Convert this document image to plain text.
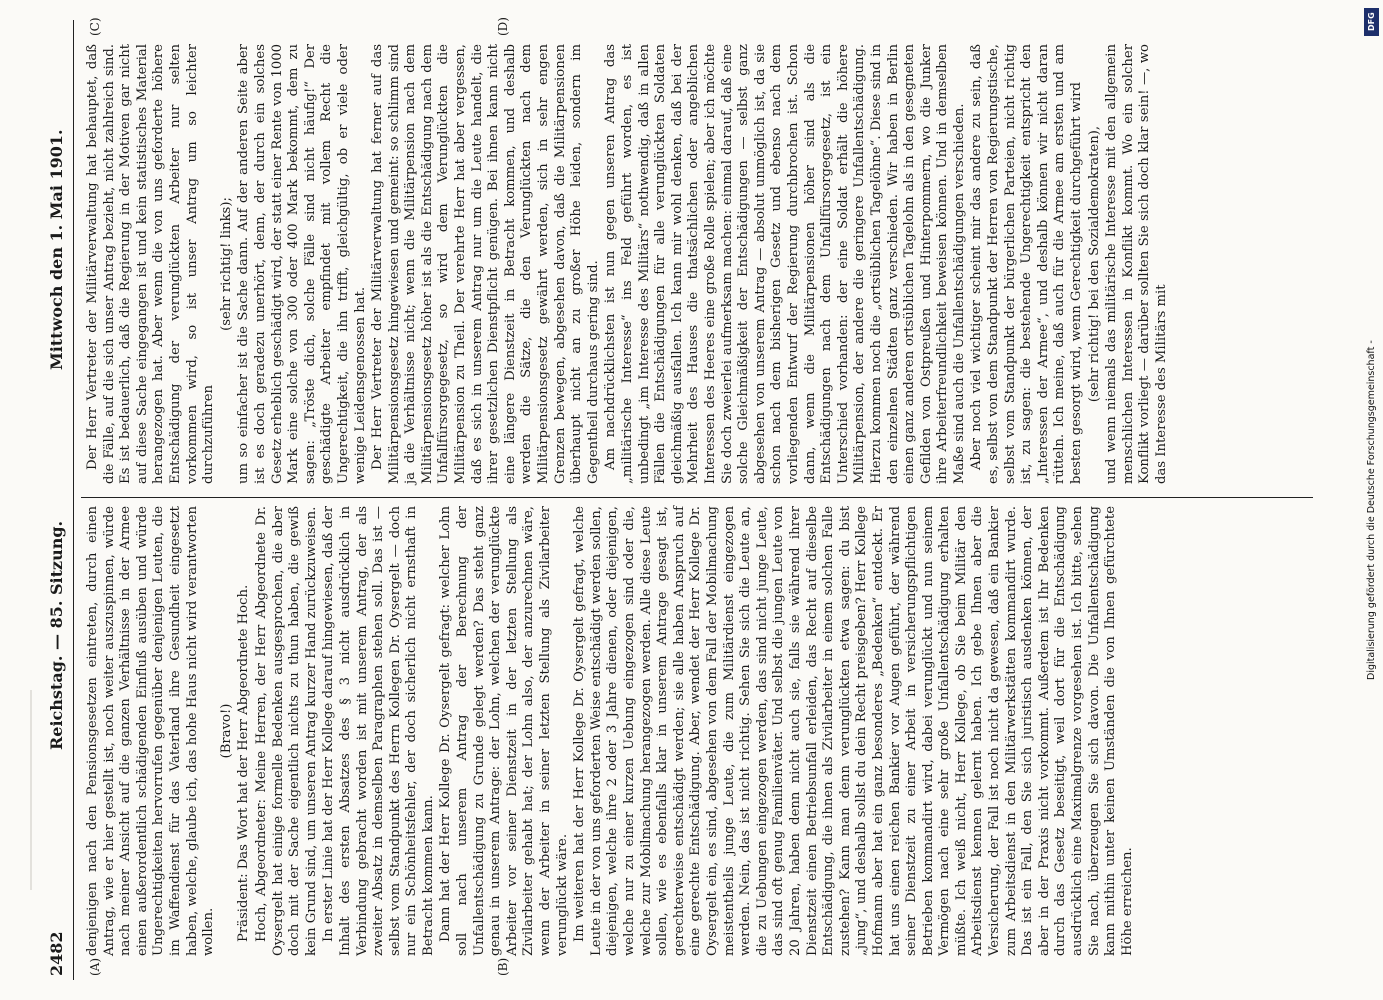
2482
Reichstag. — 85. Sitzung.
Mittwoch den 1. Mai 1901.
(A)	(B)
(C)	(D)

denjenigen nach den Pensionsgesetzen eintreten, durch einen Antrag, wie er hier gestellt ist, noch weiter auszuspinnen, würde nach meiner Ansicht auf die ganzen Verhältnisse in der Armee einen außerordentlich schädigenden Einfluß ausüben und würde Ungerechtigkeiten hervorrufen gegenüber denjenigen Leuten, die im Waffendienst für das Vaterland ihre Gesundheit eingesetzt haben, welche, glaube ich, das hohe Haus nicht wird verantworten wollen.

(Bravo!) Präsident: Das Wort hat der Herr Abgeordnete Hoch. Hoch, Abgeordneter: Meine Herren, der Herr Abgeordnete Dr. Oysergelt hat einige formelle Bedenken ausgesprochen, die aber doch mit der Sache eigentlich nichts zu thun haben, die gewiß kein Grund sind, um unseren Antrag kurzer Hand zurückzuweisen. In erster Linie hat der Herr Kollege darauf hingewiesen, daß der Inhalt des ersten Absatzes des § 3 nicht ausdrücklich in Verbindung gebracht worden ist mit unserem Antrag, der als zweiter Absatz in demselben Paragraphen stehen soll. Das ist — selbst vom Standpunkt des Herrn Kollegen Dr. Oysergelt — doch nur ein Schönheitsfehler, der doch sicherlich nicht ernsthaft in Betracht kommen kann. Dann hat der Herr Kollege Dr. Oysergelt gefragt: welcher Lohn soll nach unserem Antrag der Berechnung der Unfallentschädigung zu Grunde gelegt werden? Das steht ganz genau in unserem Antrage: der Lohn, welchen der verunglückte Arbeiter vor seiner Dienstzeit in der letzten Stellung als Zivilarbeiter gehabt hat; der Lohn also, der anzurechnen wäre, wenn der Arbeiter in seiner letzten Stellung als Zivilarbeiter verunglückt wäre. Im weiteren hat der Herr Kollege Dr. Oysergelt gefragt, welche Leute in der von uns geforderten Weise entschädigt werden sollen, diejenigen, welche ihre 2 oder 3 Jahre dienen, oder diejenigen, welche nur zu einer kurzen Uebung eingezogen sind oder die, welche zur Mobilmachung herangezogen werden. Alle diese Leute sollen, wie es ebenfalls klar in unserem Antrage gesagt ist, gerechterweise entschädigt werden; sie alle haben Anspruch auf eine gerechte Entschädigung. Aber, wendet der Herr Kollege Dr. Oysergelt ein, es sind, abgesehen von dem Fall der Mobilmachung meistentheils junge Leute, die zum Militärdienst eingezogen werden. Nein, das ist nicht richtig. Sehen Sie sich die Leute an, die zu Uebungen eingezogen werden, das sind nicht junge Leute, das sind oft genug Familienväter. Und selbst die jungen Leute von 20 Jahren, haben denn nicht auch sie, falls sie während ihrer Dienstzeit einen Betriebsunfall erleiden, das Recht auf dieselbe Entschädigung, die ihnen als Zivilarbeiter in einem solchen Falle zustehen? Kann man denn verunglückten etwa sagen: du bist „jung“, und deshalb sollst du dein Recht preisgeben? Herr Kollege Hofmann aber hat ein ganz besonderes „Bedenken“ entdeckt. Er hat uns einen reichen Bankier vor Augen geführt, der während seiner Dienstzeit zu einer Arbeit in versicherungspflichtigen Betrieben kommandirt wird, dabei verunglückt und nun seinem Vermögen nach eine sehr große Unfallentschädigung erhalten müßte. Ich weiß nicht, Herr Kollege, ob Sie beim Militär den Arbeitsdienst kennen gelernt haben. Ich gebe Ihnen aber die Versicherung, der Fall ist noch nicht da gewesen, daß ein Bankier zum Arbeitsdienst in den Militärwerkstätten kommandirt wurde. Das ist ein Fall, den Sie sich juristisch ausdenken können, der aber in der Praxis nicht vorkommt. Außerdem ist Ihr Bedenken durch das Gesetz beseitigt, weil dort für die Entschädigung ausdrücklich eine Maximalgrenze vorgesehen ist. Ich bitte, sehen Sie nach, überzeugen Sie sich davon. Die Unfallentschädigung kann mithin unter keinen Umständen die von Ihnen gefürchtete Höhe erreichen.

Der Herr Vertreter der Militärverwaltung hat behauptet, daß die Fälle, auf die sich unser Antrag bezieht, nicht zahlreich sind. Es ist bedauerlich, daß die Regierung in der Motiven gar nicht auf diese Sache eingegangen ist und kein statistisches Material herangezogen hat. Aber wenn die von uns geforderte höhere Entschädigung der verunglückten Arbeiter nur selten vorkommen wird, so ist unser Antrag um so leichter durchzuführen

(sehr richtig! links); um so einfacher ist die Sache dann. Auf der anderen Seite aber ist es doch geradezu unerhört, denn, der durch ein solches Gesetz erheblich geschädigt wird, der statt einer Rente von 1000 Mark eine solche von 300 oder 400 Mark bekommt, dem zu sagen: „Tröste dich, solche Fälle sind nicht häufig!“ Der geschädigte Arbeiter empfindet mit vollem Recht die Ungerechtigkeit, die ihn trifft, gleichgültig, ob er viele oder wenige Leidensgenossen hat. Der Herr Vertreter der Militärverwaltung hat ferner auf das Militärpensionsgesetz hingewiesen und gemeint: so schlimm sind ja die Verhältnisse nicht; wenn die Militärpension nach dem Militärpensionsgesetz höher ist als die Entschädigung nach dem Unfallfürsorgegesetz, so wird dem Verunglückten die Militärpension zu Theil. Der verehrte Herr hat aber vergessen, daß es sich in unserem Antrag nur um die Leute handelt, die ihrer gesetzlichen Dienstpflicht genügen. Bei ihnen kann nicht eine längere Dienstzeit in Betracht kommen, und deshalb werden die Sätze, die den Verunglückten nach dem Militärpensionsgesetz gewährt werden, sich in sehr engen Grenzen bewegen, abgesehen davon, daß die Militärpensionen überhaupt nicht an zu großer Höhe leiden, sondern im Gegentheil durchaus gering sind. Am nachdrücklichsten ist nun gegen unseren Antrag das „militärische Interesse“ ins Feld geführt worden, es ist unbedingt „im Interesse des Militärs“ nothwendig, daß in allen Fällen die Entschädigungen für alle verunglückten Soldaten gleichmäßig ausfallen. Ich kann mir wohl denken, daß bei der Mehrheit des Hauses die thatsächlichen oder angeblichen Interessen des Heeres eine große Rolle spielen; aber ich möchte Sie doch zweierlei aufmerksam machen: einmal darauf, daß eine solche Gleichmäßigkeit der Entschädigungen — selbst ganz abgesehen von unserem Antrag — absolut unmöglich ist, da sie schon nach dem bisherigen Gesetz und ebenso nach dem vorliegenden Entwurf der Regierung durchbrochen ist. Schon dann, wenn die Militärpensionen höher sind als die Entschädigungen nach dem Unfallfürsorgegesetz, ist ein Unterschied vorhanden: der eine Soldat erhält die höhere Militärpension, der andere die geringere Unfallentschädigung. Hierzu kommen noch die „ortsüblichen Tagelöhne“. Diese sind in den einzelnen Städten ganz verschieden. Wir haben in Berlin einen ganz anderen ortsüblichen Tagelohn als in den gesegneten Gefilden von Ostpreußen und Hinterpommern, wo die Junker ihre Arbeiterfreundlichkeit beweisen können. Und in demselben Maße sind auch die Unfallentschädigungen verschieden. Aber noch viel wichtiger scheint mir das andere zu sein, daß es, selbst von dem Standpunkt der Herren von Regierungstische, selbst vom Standpunkt der bürgerlichen Parteien, nicht richtig ist, zu sagen: die bestehende Ungerechtigkeit entspricht den „Interessen der Armee“, und deshalb können wir nicht daran rütteln. Ich meine, daß auch für die Armee am ersten und am besten gesorgt wird, wenn Gerechtigkeit durchgeführt wird (sehr richtig! bei den Sozialdemokraten), und wenn niemals das militärische Interesse mit den allgemein menschlichen Interessen in Konflikt kommt. Wo ein solcher Konflikt vorliegt — darüber sollten Sie sich doch klar sein! —, wo das Interesse des Militärs mit

DFG
Digitalisierung gefördert durch die Deutsche Forschungsgemeinschaft -
